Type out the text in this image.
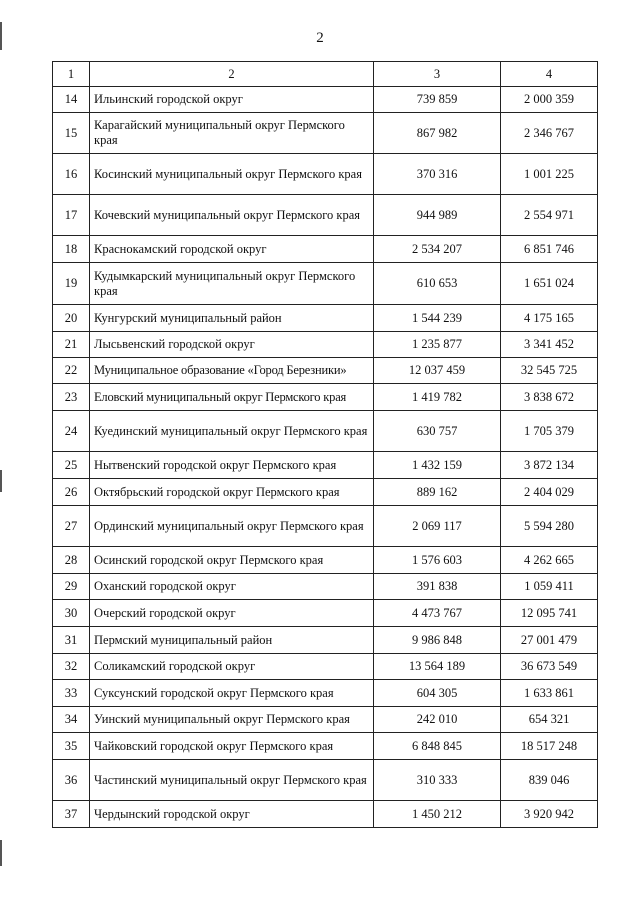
2
1	2	3	4
14	Ильинский городской округ	739 859	2 000 359
15	Карагайский муниципальный округ Пермского края	867 982	2 346 767
16	Косинский муниципальный округ Пермского края	370 316	1 001 225
17	Кочевский муниципальный округ Пермского края	944 989	2 554 971
18	Краснокамский городской округ	2 534 207	6 851 746
19	Кудымкарский муниципальный округ Пермского края	610 653	1 651 024
20	Кунгурский муниципальный район	1 544 239	4 175 165
21	Лысьвенский городской округ	1 235 877	3 341 452
22	Муниципальное образование «Город Березники»	12 037 459	32 545 725
23	Еловский муниципальный округ Пермского края	1 419 782	3 838 672
24	Куединский муниципальный округ Пермского края	630 757	1 705 379
25	Нытвенский городской округ Пермского края	1 432 159	3 872 134
26	Октябрьский городской округ Пермского края	889 162	2 404 029
27	Ординский муниципальный округ Пермского края	2 069 117	5 594 280
28	Осинский городской округ Пермского края	1 576 603	4 262 665
29	Оханский городской округ	391 838	1 059 411
30	Очерский городской округ	4 473 767	12 095 741
31	Пермский муниципальный район	9 986 848	27 001 479
32	Соликамский городской округ	13 564 189	36 673 549
33	Суксунский городской округ Пермского края	604 305	1 633 861
34	Уинский муниципальный округ Пермского края	242 010	654 321
35	Чайковский городской округ Пермского края	6 848 845	18 517 248
36	Частинский муниципальный округ Пермского края	310 333	839 046
37	Чердынский городской округ	1 450 212	3 920 942
